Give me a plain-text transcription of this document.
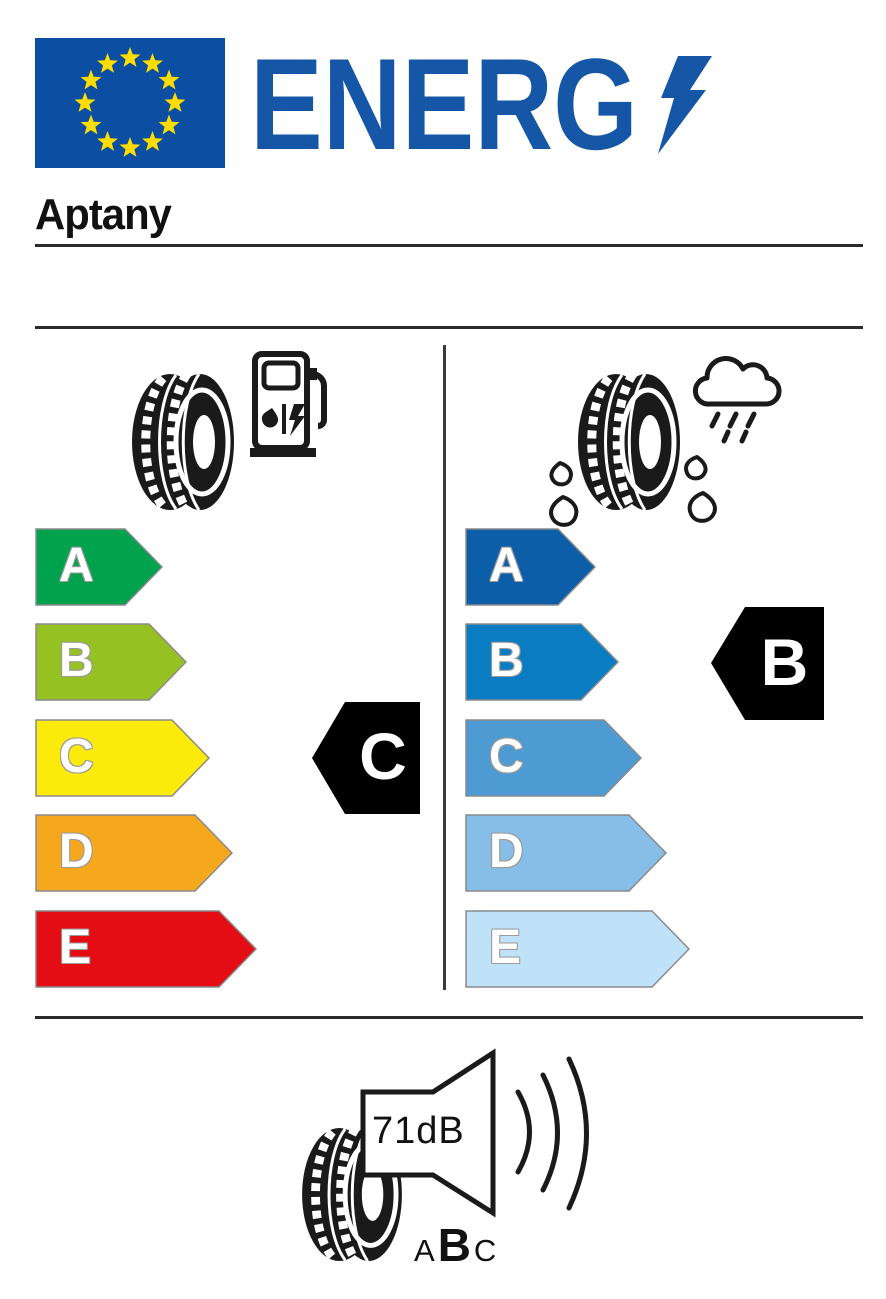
ENERG
Aptany
A
B
C
D
E
C
A
B
C
D
E
B
71dB
A B C
